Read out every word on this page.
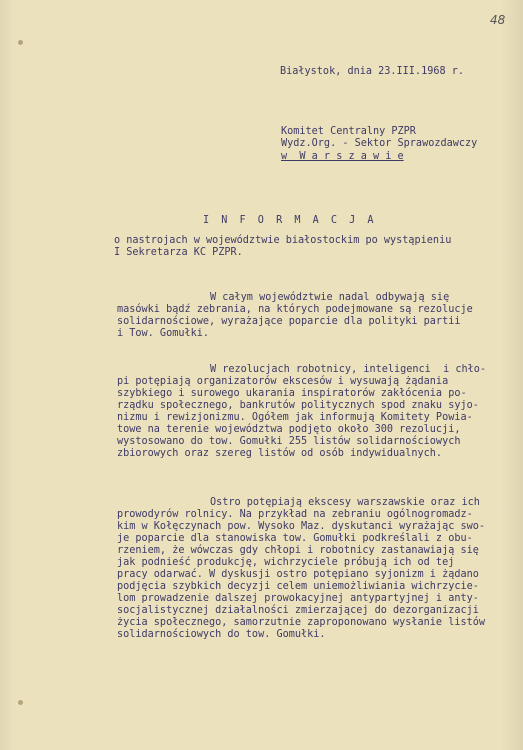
48
Białystok, dnia 23.III.1968 r.
Komitet Centralny PZPR
Wydz.Org. - Sektor Sprawozdawczy
w  W a r s z a w i e
I N F O R M A C J A
o nastrojach w województwie białostockim po wystąpieniu
I Sekretarza KC PZPR.
W całym województwie nadal odbywają się
masówki bądź zebrania, na których podejmowane są rezolucje
solidarnościowe, wyrażające poparcie dla polityki partii
i Tow. Gomułki.
W rezolucjach robotnicy, inteligenci  i chło-
pi potępiają organizatorów ekscesów i wysuwają żądania
szybkiego i surowego ukarania inspiratorów zakłócenia po-
rządku społecznego, bankrutów politycznych spod znaku syjo-
nizmu i rewizjonizmu. Ogółem jak informują Komitety Powia-
towe na terenie województwa podjęto około 300 rezolucji,
wystosowano do tow. Gomułki 255 listów solidarnościowych
zbiorowych oraz szereg listów od osób indywidualnych.
Ostro potępiają ekscesy warszawskie oraz ich
prowodyrów rolnicy. Na przykład na zebraniu ogólnogromadz-
kim w Kołęczynach pow. Wysoko Maz. dyskutanci wyrażając swo-
je poparcie dla stanowiska tow. Gomułki podkreślali z obu-
rzeniem, że wówczas gdy chłopi i robotnicy zastanawiają się
jak podnieść produkcję, wichrzyciele próbują ich od tej
pracy odarwać. W dyskusji ostro potępiano syjonizm i żądano
podjęcia szybkich decyzji celem uniemożliwiania wichrzycie-
lom prowadzenie dalszej prowokacyjnej antypartyjnej i anty-
socjalistycznej działalności zmierzającej do dezorganizacji
życia społecznego, samorzutnie zaproponowano wysłanie listów
solidarnościowych do tow. Gomułki.
